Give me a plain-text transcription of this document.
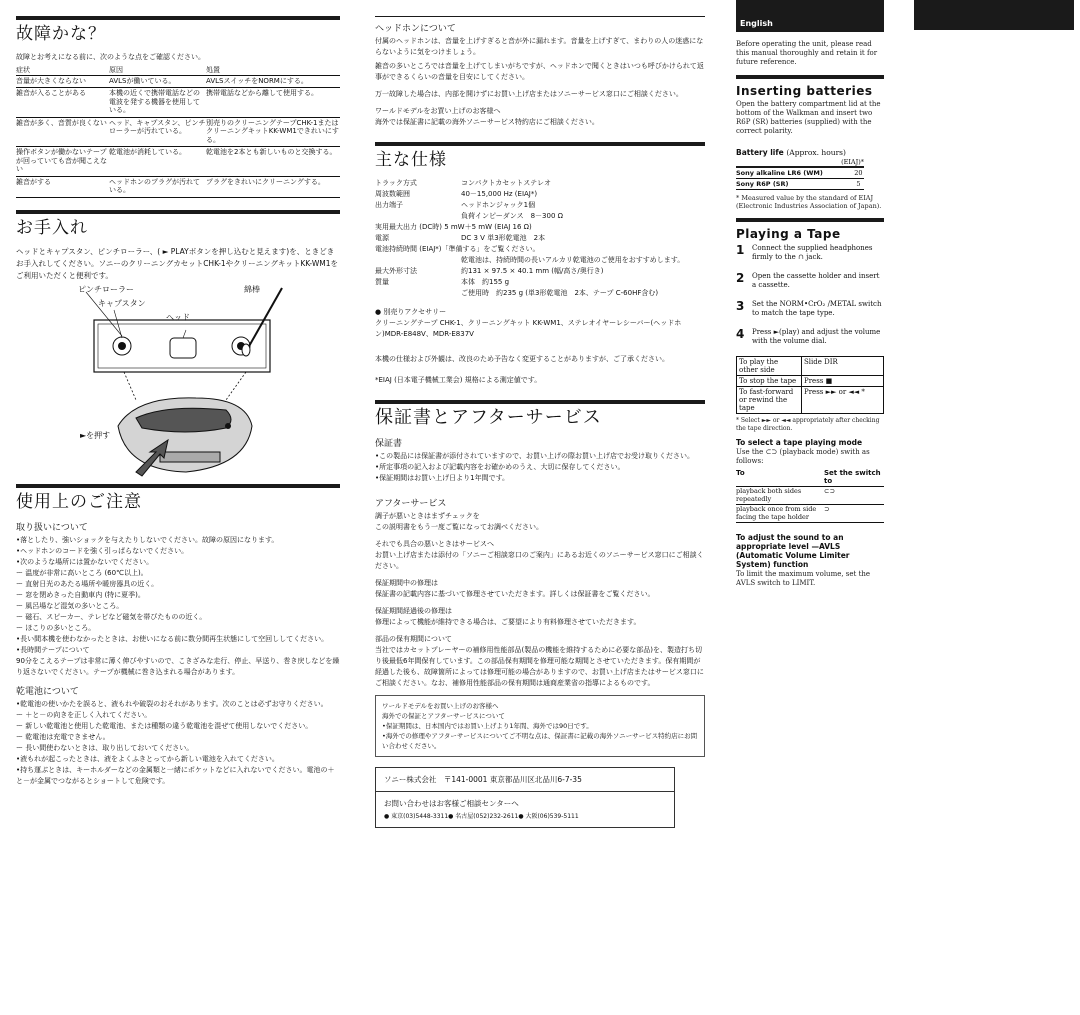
故障かな？

故障とお考えになる前に、次のような点をご確認ください。

症状	原因	処置
音量が大きくならない	AVLSが働いている。	AVLSスイッチをNORMにする。
雑音が入ることがある	本機の近くで携帯電話などの電波を発する機器を使用している。	携帯電話などから離して使用する。
雑音が多く、音質が良くない	ヘッド、キャプスタン、ピンチローラーが汚れている。	別売りのクリーニングテープCHK-1またはクリーニングキットKK-WM1できれいにする。
操作ボタンが働かないテープが回っていても音が聞こえない	乾電池が消耗している。	乾電池を2本とも新しいものと交換する。
雑音がする	ヘッドホンのプラグが汚れている。	プラグをきれいにクリーニングする。
お手入れ

ヘッドとキャプスタン、ピンチローラー、( ► PLAYボタンを押し込むと見えます)を、ときどきお手入れしてください。ソニーのクリーニングカセットCHK-1やクリーニングキットKK-WM1をご利用いただくと便利です。

ピンチローラー
キャプスタン
ヘッド
綿棒
►を押す
使用上のご注意
取り扱いについて
•落としたり、強いショックを与えたりしないでください。故障の原因になります。
•ヘッドホンのコードを強く引っぱらないでください。
•次のような場所には置かないでください。
ー 温度が非常に高いところ (60℃以上)。
ー 直射日光のあたる場所や暖房器具の近く。
ー 窓を閉めきった自動車内 (特に夏季)。
ー 風呂場など湿気の多いところ。
ー 磁石、スピーカー、テレビなど磁気を帯びたものの近く。
ー ほこりの多いところ。
•長い間本機を使わなかったときは、お使いになる前に数分間再生状態にして空回ししてください。
•長時間テープについて
90分をこえるテープは非常に薄く伸びやすいので、こきざみな走行、停止、早送り、巻き戻しなどを繰り返さないでください。テープが機械に巻き込まれる場合があります。
乾電池について
•乾電池の使いかたを誤ると、液もれや破裂のおそれがあります。次のことは必ずお守りください。
ー ＋と－の向きを正しく入れてください。
ー 新しい乾電池と使用した乾電池、または種類の違う乾電池を混ぜて使用しないでください。
ー 乾電池は充電できません。
ー 長い間使わないときは、取り出しておいてください。
•液もれが起こったときは、液をよくふきとってから新しい電池を入れてください。
•持ち運ぶときは、キーホルダーなどの金属類と一緒にポケットなどに入れないでください。電池の＋と－が金属でつながるとショートして危険です。
ヘッドホンについて

付属のヘッドホンは、音量を上げすぎると音が外に漏れます。音量を上げすぎて、まわりの人の迷惑にならないように気をつけましょう。

雑音の多いところでは音量を上げてしまいがちですが、ヘッドホンで聞くときはいつも呼びかけられて返事ができるくらいの音量を目安にしてください。

万一故障した場合は、内部を開けずにお買い上げ店またはソニーサービス窓口にご相談ください。

ワールドモデルをお買い上げのお客様へ

海外では保証書に記載の海外ソニーサービス特約店にご相談ください。

主な仕様
トラック方式	コンパクトカセットステレオ
周波数範囲	40－15,000 Hz (EIAJ*)
出力端子	ヘッドホンジャック1個
	負荷インピーダンス　8－300 Ω

実用最大出力 (DC時) 5 mW＋5 mW (EIAJ 16 Ω)

電源	DC 3 V 単3形乾電池　2本

電池持続時間 (EIAJ*)「準備する」をご覧ください。

乾電池は、持続時間の長いアルカリ乾電池のご使用をおすすめします。

最大外形寸法	約131 × 97.5 × 40.1 mm (幅/高さ/奥行き)
質量	本体　約155 g
	ご使用時　約235 g (単3形乾電池　2本、テープ C-60HF含む)

● 別売りアクセサリー

クリーニングテープ CHK-1、クリーニングキット KK-WM1、ステレオイヤーレシーバー(ヘッドホン)MDR-E848V、MDR-E837V

本機の仕様および外観は、改良のため予告なく変更することがありますが、ご了承ください。

*EIAJ (日本電子機械工業会) 規格による測定値です。

保証書とアフターサービス
保証書
•この製品には保証書が添付されていますので、お買い上げの際お買い上げ店でお受け取りください。
•所定事項の記入および記載内容をお確かめのうえ、大切に保存してください。
•保証期間はお買い上げ日より1年間です。
アフターサービス

調子が悪いときはまずチェックを

この説明書をもう一度ご覧になってお調べください。

それでも具合の悪いときはサービスへ

お買い上げ店または添付の「ソニーご相談窓口のご案内」にあるお近くのソニーサービス窓口にご相談ください。

保証期間中の修理は

保証書の記載内容に基づいて修理させていただきます。詳しくは保証書をご覧ください。

保証期間経過後の修理は

修理によって機能が維持できる場合は、ご要望により有料修理させていただきます。

部品の保有期間について

当社ではカセットプレーヤーの補修用性能部品(製品の機能を維持するために必要な部品)を、製造打ち切り後最低6年間保有しています。この部品保有期間を修理可能な期間とさせていただきます。保有期間が経過した後も、故障箇所によっては修理可能の場合がありますので、お買い上げ店またはサービス窓口にご相談ください。なお、補修用性能部品の保有期間は通商産業省の指導によるものです。

ワールドモデルをお買い上げのお客様へ

海外での保証とアフターサービスについて

•保証期間は、日本国内ではお買い上げより1年間、海外では90日です。

•海外での修理やアフターサービスについてご不明な点は、保証書に記載の海外ソニーサービス特約店にお問い合わせください。

ソニー株式会社　〒141-0001 東京都品川区北品川6-7-35

お問い合わせはお客様ご相談センターへ

● 東京(03)5448-3311● 名古屋(052)232-2611● 大阪(06)539-5111

English

Before operating the unit, please read this manual thoroughly and retain it for future reference.

Inserting batteries

Open the battery compartment lid at the bottom of the Walkman and insert two R6P (SR) batteries (supplied) with the correct polarity.

Battery life (Approx. hours)
(EIAJ)*
Sony alkaline LR6 (WM)	20
Sony R6P (SR)	5

* Measured value by the standard of EIAJ (Electronic Industries Association of Japan).

Playing a Tape
1	Connect the supplied headphones firmly to the ∩ jack.
2	Open the cassette holder and insert a cassette.
3	Set the NORM•CrO₂ /METAL switch to match the tape type.
4	Press ►(play) and adjust the volume with the volume dial.
To play the other side	Slide DIR
To stop the tape	Press ■
To fast-forward or rewind the tape	Press ►► or ◄◄ *

* Select ►► or ◄◄ appropriately after checking the tape direction.

To select a tape playing mode

Use the ⊂⊃ (playback mode) swith as follows:

To	Set the switch to
playback both sides repeatedly	⊂⊃
playback once from side facing the tape holder	⊃
To adjust the sound to an appropriate level —AVLS (Automatic Volume Limiter System) function

To limit the maximum volume, set the AVLS switch to LIMIT.
